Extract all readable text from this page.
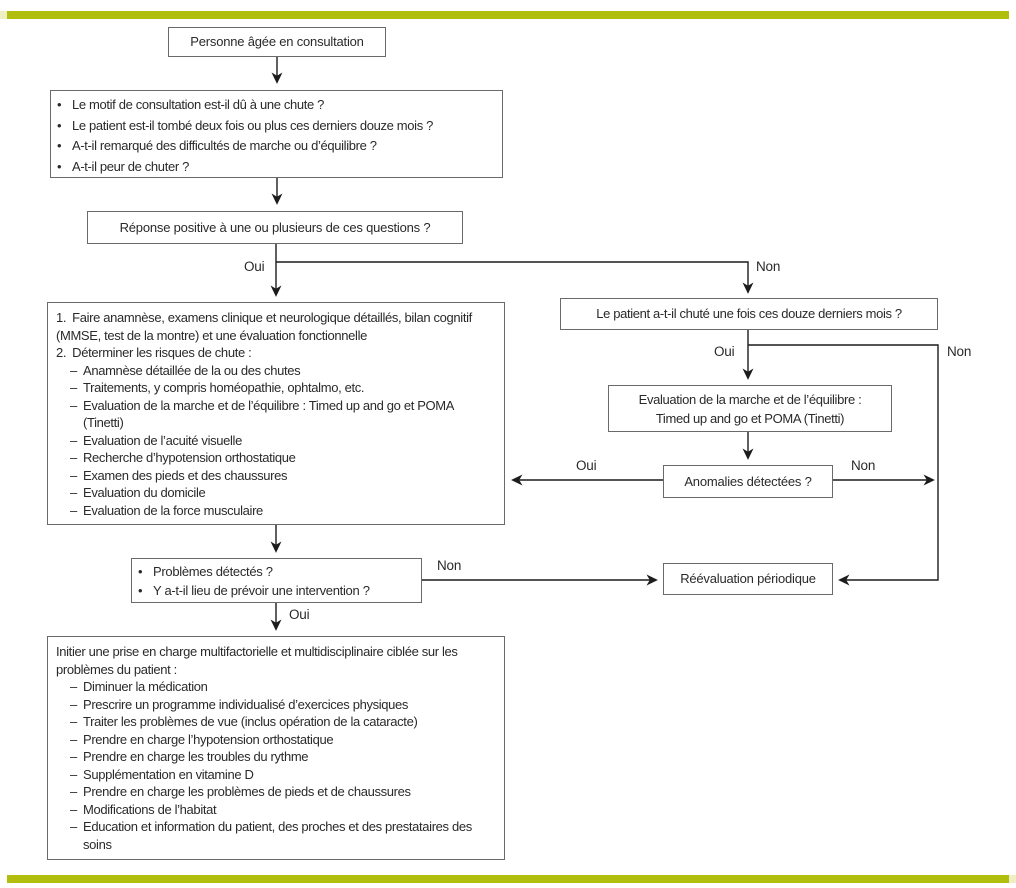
Personne âgée en consultation
• Le motif de consultation est-il dû à une chute ?
• Le patient est-il tombé deux fois ou plus ces derniers douze mois ?
• A-t-il remarqué des difficultés de marche ou d’équilibre ?
• A-t-il peur de chuter ?
Réponse positive à une ou plusieurs de ces questions ?
1. Faire anamnèse, examens clinique et neurologique détaillés, bilan cognitif (MMSE, test de la montre) et une évaluation fonctionnelle
2. Déterminer les risques de chute :
– Anamnèse détaillée de la ou des chutes
– Traitements, y compris homéopathie, ophtalmo, etc.
– Evaluation de la marche et de l’équilibre : Timed up and go et POMA (Tinetti)
– Evaluation de l’acuité visuelle
– Recherche d’hypotension orthostatique
– Examen des pieds et des chaussures
– Evaluation du domicile
– Evaluation de la force musculaire
Le patient a-t-il chuté une fois ces douze derniers mois ?
Evaluation de la marche et de l’équilibre :
Timed up and go et POMA (Tinetti)
Anomalies détectées ?
• Problèmes détectés ?
• Y a-t-il lieu de prévoir une intervention ?
Réévaluation périodique
Initier une prise en charge multifactorielle et multidisciplinaire ciblée sur les problèmes du patient :
– Diminuer la médication
– Prescrire un programme individualisé d’exercices physiques
– Traiter les problèmes de vue (inclus opération de la cataracte)
– Prendre en charge l’hypotension orthostatique
– Prendre en charge les troubles du rythme
– Supplémentation en vitamine D
– Prendre en charge les problèmes de pieds et de chaussures
– Modifications de l’habitat
– Education et information du patient, des proches et des prestataires des soins
Oui	Non
Oui	Non
Oui	Non
Non
Oui
